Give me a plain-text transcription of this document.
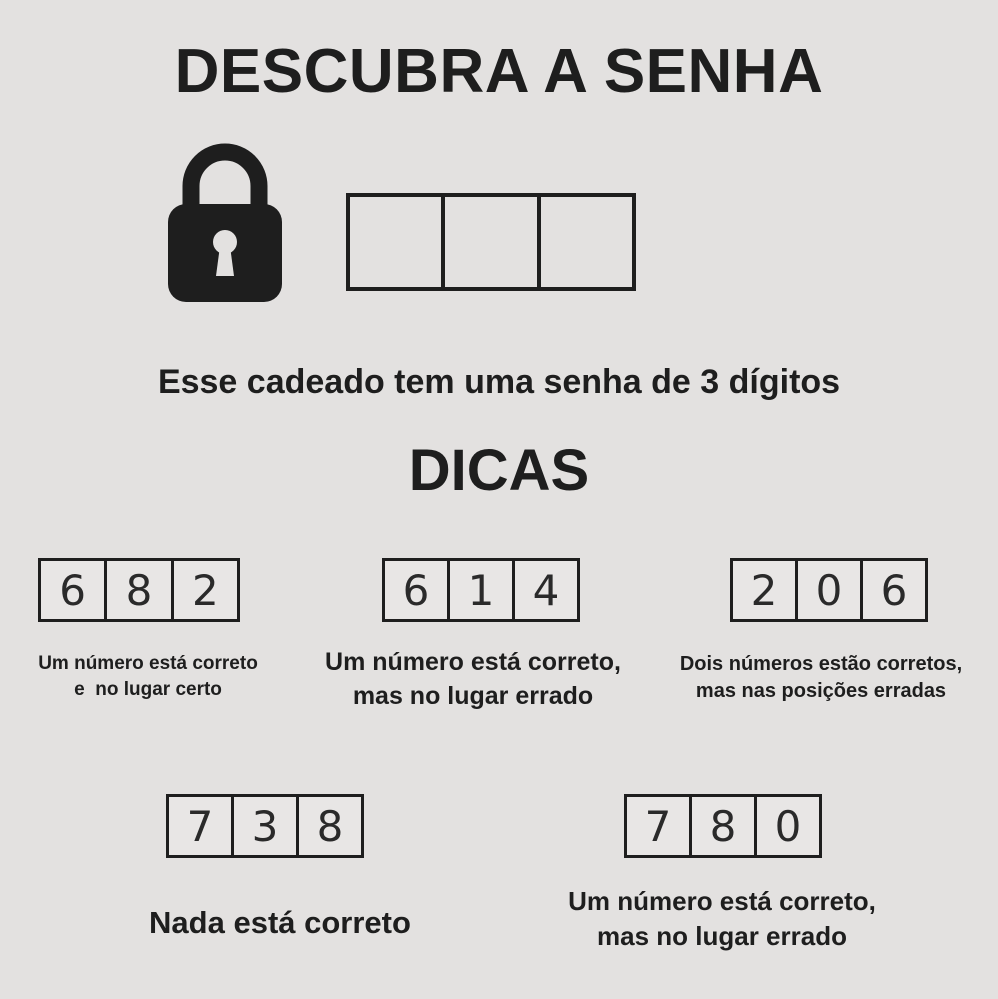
DESCUBRA A SENHA
Esse cadeado tem uma senha de 3 dígitos
DICAS
6 8 2
Um número está correto
e  no lugar certo
6 1 4
Um número está correto,
mas no lugar errado
2 0 6
Dois números estão corretos,
mas nas posições erradas
7 3 8
Nada está correto
7 8 0
Um número está correto,
mas no lugar errado
